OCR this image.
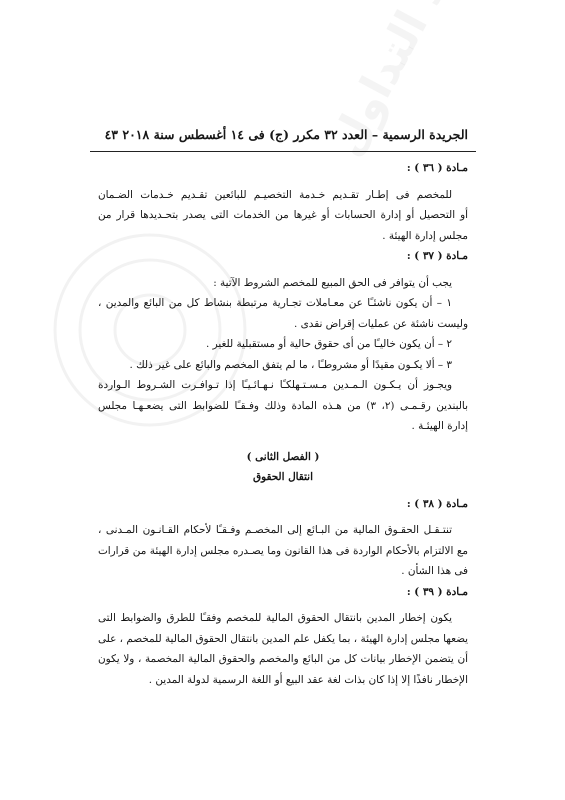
الجريدة الرسمية – العدد ٣٢ مكرر (ج) فى ١٤ أغسطس سنة ٢٠١٨ ٤٣
مـادة ( ٣٦ ) :
للمخصم فى إطـار تقـديم خـدمة التخصيـم للبائعين تقـديم خـدمات الضـمان
أو التحصيل أو إدارة الحسابات أو غيرها من الخدمات التى يصدر بتحـديدها قرار من
مجلس إدارة الهيئة .
مـادة ( ٣٧ ) :
يجب أن يتوافر فى الحق المبيع للمخصم الشروط الآتية :
١ – أن يكون ناشئـًا عن معـاملات تجـارية مرتبطة بنشاط كل من البائع والمدين ،
وليست ناشئة عن عمليات إقراض نقدى .
٢ – أن يكون خاليـًا من أى حقوق حالية أو مستقبلية للغير .
٣ – ألا يكـون مقيدًا أو مشروطـًا ، ما لم يتفق المخصم والبائع على غير ذلك .
ويجـوز أن يـكـون الـمـدين مـسـتـهلكـًا نـهـائـيـًا إذا تـوافـرت الشـروط الـواردة
بالبندين رقـمـى (٢، ٣) من هـذه المادة وذلك وفـقـًا للضوابط التى يضعـهـا مجلس
إدارة الهيئـة .
( الفصل الثانى )
انتقال الحقوق
مـادة ( ٣٨ ) :
تنتـقـل الحقـوق المالية من البـائع إلى المخصـم وفـقـًا لأحكام القـانـون المـدنى ،
مع الالتزام بالأحكام الواردة فى هذا القانون وما يصـدره مجلس إدارة الهيئة من قرارات
فى هذا الشأن .
مـادة ( ٣٩ ) :
يكون إخطار المدين بانتقال الحقوق المالية للمخصم وفقـًا للطرق والضوابط التى
يضعها مجلس إدارة الهيئة ، بما يكفل علم المدين بانتقال الحقوق المالية للمخصم ، على
أن يتضمن الإخطار بيانات كل من البائع والمخصم والحقوق المالية المخصمة ، ولا يكون
الإخطار نافذًا إلا إذا كان بذات لغة عقد البيع أو اللغة الرسمية لدولة المدين .
